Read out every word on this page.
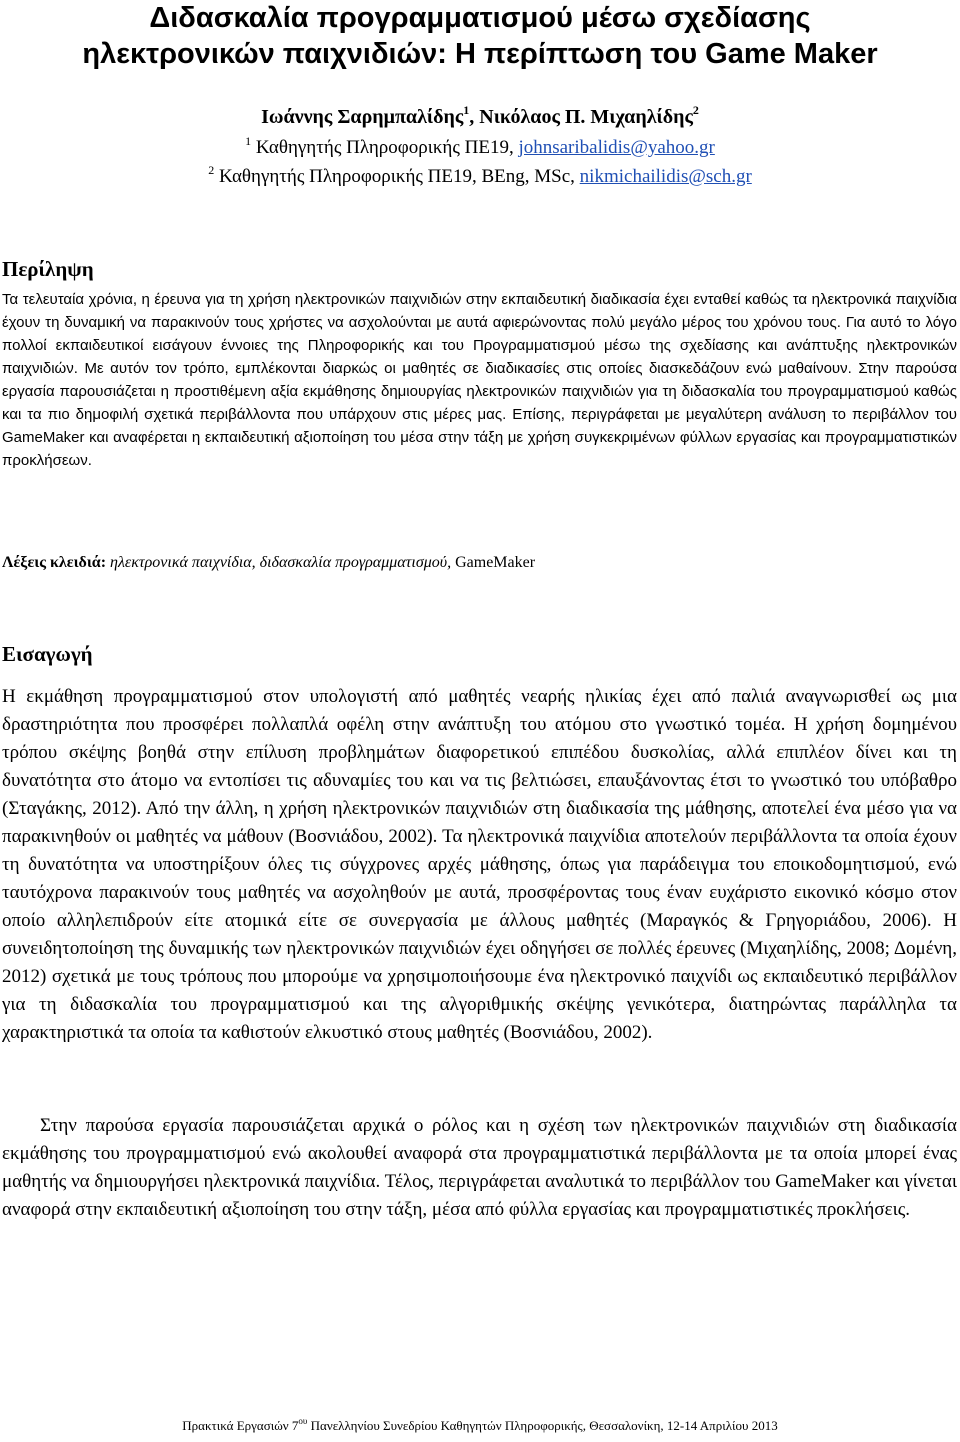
Διδασκαλία προγραμματισμού μέσω σχεδίασης
ηλεκτρονικών παιχνιδιών: Η περίπτωση του Game Maker
Ιωάννης Σαρημπαλίδης$^1$, Νικόλαος Π. Μιχαηλίδης$^2$
$^1$ Καθηγητής Πληροφορικής ΠΕ19, johnsaribalidis@yahoo.gr
$^2$ Καθηγητής Πληροφορικής ΠΕ19, BEng, MSc, nikmichailidis@sch.gr
Περίληψη

Τα τελευταία χρόνια, η έρευνα για τη χρήση ηλεκτρονικών παιχνιδιών στην εκπαιδευτική διαδικασία έχει ενταθεί καθώς τα ηλεκτρονικά παιχνίδια έχουν τη δυναμική να παρακινούν τους χρήστες να ασχολούνται με αυτά αφιερώνοντας πολύ μεγάλο μέρος του χρόνου τους. Για αυτό το λόγο πολλοί εκπαιδευτικοί εισάγουν έννοιες της Πληροφορικής και του Προγραμματισμού μέσω της σχεδίασης και ανάπτυξης ηλεκτρονικών παιχνιδιών. Με αυτόν τον τρόπο, εμπλέκονται διαρκώς οι μαθητές σε διαδικασίες στις οποίες διασκεδάζουν ενώ μαθαίνουν. Στην παρούσα εργασία παρουσιάζεται η προστιθέμενη αξία εκμάθησης δημιουργίας ηλεκτρονικών παιχνιδιών για τη διδασκαλία του προγραμματισμού καθώς και τα πιο δημοφιλή σχετικά περιβάλλοντα που υπάρχουν στις μέρες μας. Επίσης, περιγράφεται με μεγαλύτερη ανάλυση το περιβάλλον του GameMaker και αναφέρεται η εκπαιδευτική αξιοποίηση του μέσα στην τάξη με χρήση συγκεκριμένων φύλλων εργασίας και προγραμματιστικών προκλήσεων.

Λέξεις κλειδιά: ηλεκτρονικά παιχνίδια, διδασκαλία προγραμματισμού, GameMaker
Εισαγωγή

Η εκμάθηση προγραμματισμού στον υπολογιστή από μαθητές νεαρής ηλικίας έχει από παλιά αναγνωρισθεί ως μια δραστηριότητα που προσφέρει πολλαπλά οφέλη στην ανάπτυξη του ατόμου στο γνωστικό τομέα. Η χρήση δομημένου τρόπου σκέψης βοηθά στην επίλυση προβλημάτων διαφορετικού επιπέδου δυσκολίας, αλλά επιπλέον δίνει και τη δυνατότητα στο άτομο να εντοπίσει τις αδυναμίες του και να τις βελτιώσει, επαυξάνοντας έτσι το γνωστικό του υπόβαθρο (Σταγάκης, 2012). Από την άλλη, η χρήση ηλεκτρονικών παιχνιδιών στη διαδικασία της μάθησης, αποτελεί ένα μέσο για να παρακινηθούν οι μαθητές να μάθουν (Βοσνιάδου, 2002). Τα ηλεκτρονικά παιχνίδια αποτελούν περιβάλλοντα τα οποία έχουν τη δυνατότητα να υποστηρίξουν όλες τις σύγχρονες αρχές μάθησης, όπως για παράδειγμα του εποικοδομητισμού, ενώ ταυτόχρονα παρακινούν τους μαθητές να ασχοληθούν με αυτά, προσφέροντας τους έναν ευχάριστο εικονικό κόσμο στον οποίο αλληλεπιδρούν είτε ατομικά είτε σε συνεργασία με άλλους μαθητές (Μαραγκός & Γρηγοριάδου, 2006). Η συνειδητοποίηση της δυναμικής των ηλεκτρονικών παιχνιδιών έχει οδηγήσει σε πολλές έρευνες (Μιχαηλίδης, 2008; Δομένη, 2012) σχετικά με τους τρόπους που μπορούμε να χρησιμοποιήσουμε ένα ηλεκτρονικό παιχνίδι ως εκπαιδευτικό περιβάλλον για τη διδασκαλία του προγραμματισμού και της αλγοριθμικής σκέψης γενικότερα, διατηρώντας παράλληλα τα χαρακτηριστικά τα οποία τα καθιστούν ελκυστικό στους μαθητές (Βοσνιάδου, 2002).

Στην παρούσα εργασία παρουσιάζεται αρχικά ο ρόλος και η σχέση των ηλεκτρονικών παιχνιδιών στη διαδικασία εκμάθησης του προγραμματισμού ενώ ακολουθεί αναφορά στα προγραμματιστικά περιβάλλοντα με τα οποία μπορεί ένας μαθητής να δημιουργήσει ηλεκτρονικά παιχνίδια. Τέλος, περιγράφεται αναλυτικά το περιβάλλον του GameMaker και γίνεται αναφορά στην εκπαιδευτική αξιοποίηση του στην τάξη, μέσα από φύλλα εργασίας και προγραμματιστικές προκλήσεις.

Πρακτικά Εργασιών $7^{o\upsilon}$ Πανελληνίου Συνεδρίου Καθηγητών Πληροφορικής, Θεσσαλονίκη, 12-14 Απριλίου 2013
